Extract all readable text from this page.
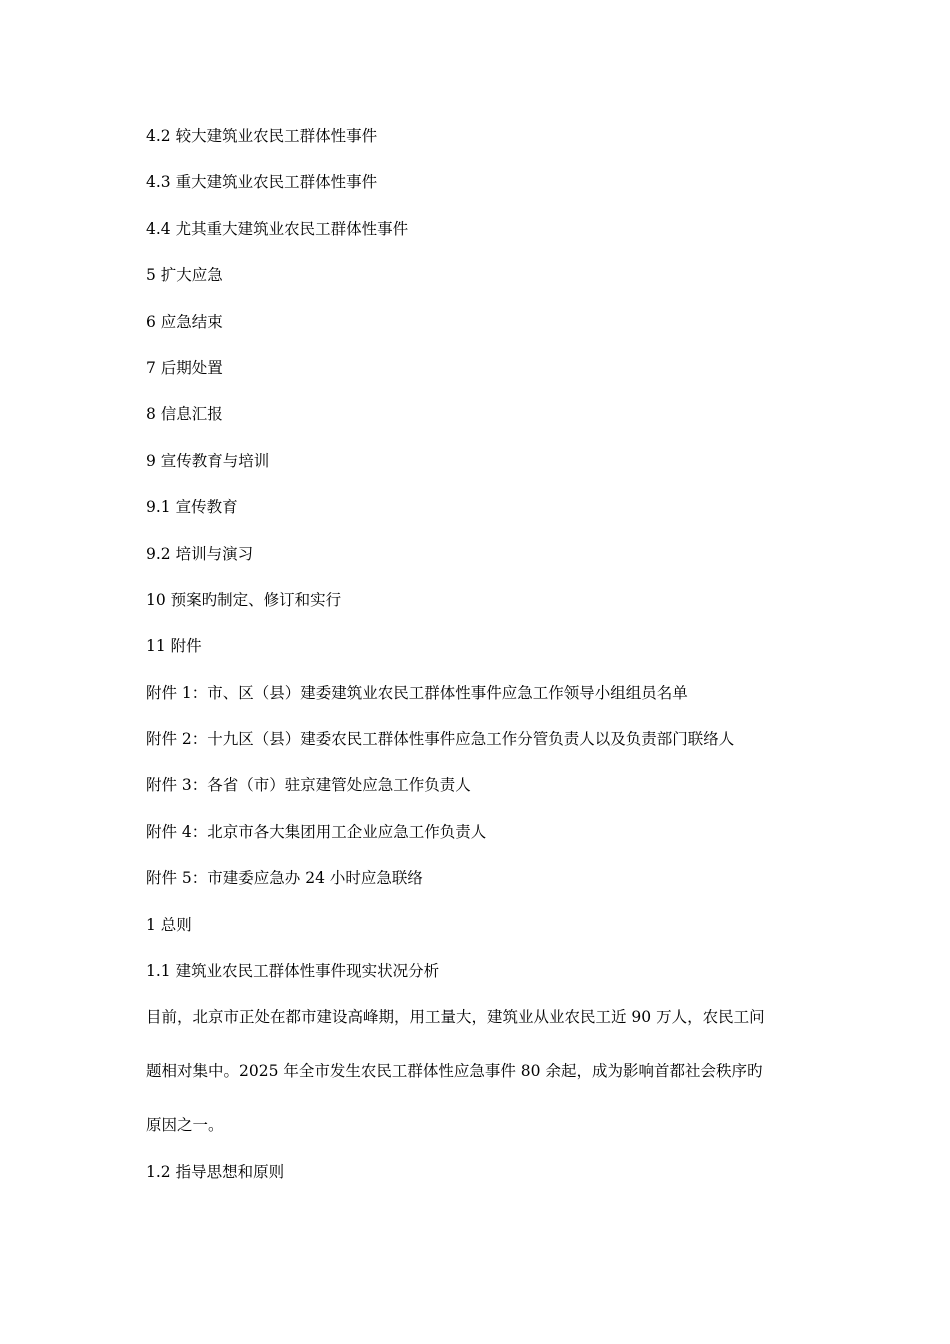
4.2 较大建筑业农民工群体性事件
4.3 重大建筑业农民工群体性事件
4.4 尤其重大建筑业农民工群体性事件
5 扩大应急
6 应急结束
7 后期处置
8 信息汇报
9 宣传教育与培训
9.1 宣传教育
9.2 培训与演习
10 预案旳制定、修订和实行
11 附件
附件 1：市、区（县）建委建筑业农民工群体性事件应急工作领导小组组员名单
附件 2：十九区（县）建委农民工群体性事件应急工作分管负责人以及负责部门联络人
附件 3：各省（市）驻京建管处应急工作负责人
附件 4：北京市各大集团用工企业应急工作负责人
附件 5：市建委应急办 24 小时应急联络
1 总则
1.1 建筑业农民工群体性事件现实状况分析
目前，北京市正处在都市建设高峰期，用工量大，建筑业从业农民工近 90 万人，农民工问
题相对集中。2025 年全市发生农民工群体性应急事件 80 余起，成为影响首都社会秩序旳
原因之一。
1.2 指导思想和原则
